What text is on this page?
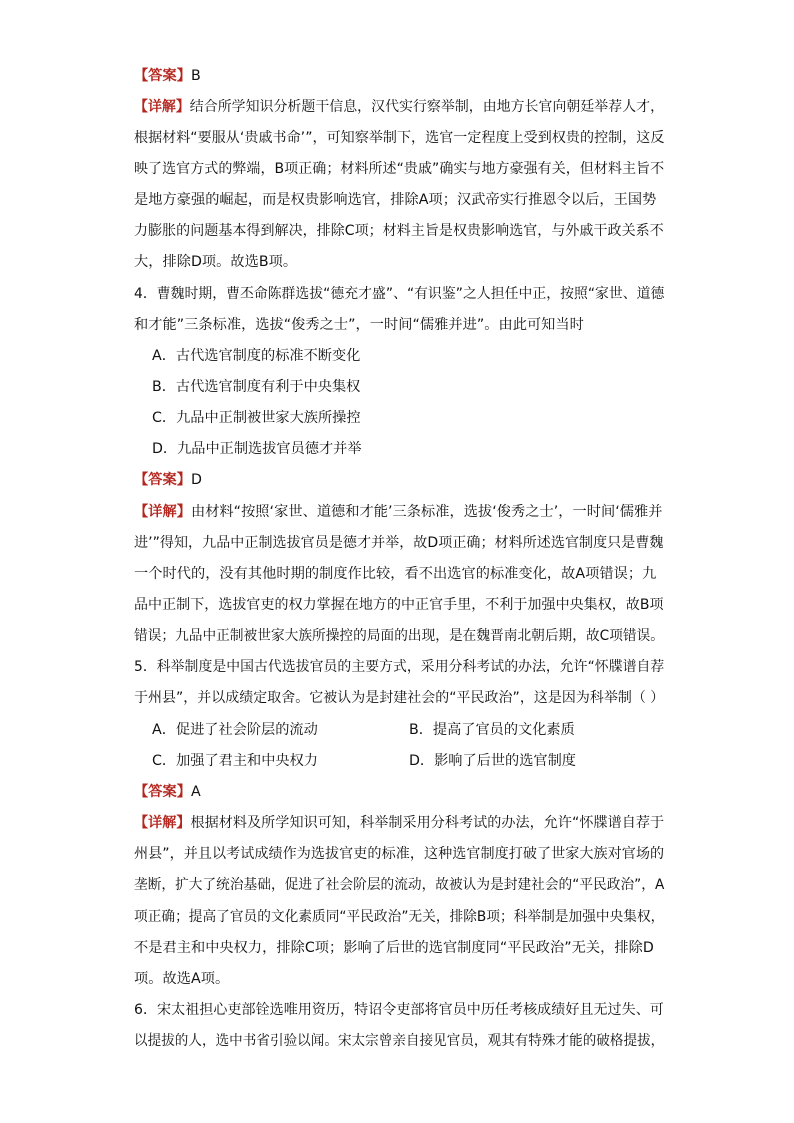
【答案】B
【详解】结合所学知识分析题干信息，汉代实行察举制，由地方长官向朝廷举荐人才，
根据材料“要服从‘贵戚书命’”，可知察举制下，选官一定程度上受到权贵的控制，这反
映了选官方式的弊端，B项正确；材料所述“贵戚”确实与地方豪强有关，但材料主旨不
是地方豪强的崛起，而是权贵影响选官，排除A项；汉武帝实行推恩令以后，王国势
力膨胀的问题基本得到解决，排除C项；材料主旨是权贵影响选官，与外戚干政关系不
大，排除D项。故选B项。
4．曹魏时期，曹丕命陈群选拔“德充才盛”、“有识鉴”之人担任中正，按照“家世、道德
和才能”三条标准，选拔“俊秀之士”，一时间“儒雅并进”。由此可知当时
A．古代选官制度的标准不断变化
B．古代选官制度有利于中央集权
C．九品中正制被世家大族所操控
D．九品中正制选拔官员德才并举
【答案】D
【详解】由材料“按照‘家世、道德和才能’三条标准，选拔‘俊秀之士’，一时间‘儒雅并
进’”得知，九品中正制选拔官员是德才并举，故D项正确；材料所述选官制度只是曹魏
一个时代的，没有其他时期的制度作比较，看不出选官的标准变化，故A项错误；九
品中正制下，选拔官吏的权力掌握在地方的中正官手里，不利于加强中央集权，故B项
错误；九品中正制被世家大族所操控的局面的出现，是在魏晋南北朝后期，故C项错误。
5．科举制度是中国古代选拔官员的主要方式，采用分科考试的办法，允许“怀牒谱自荐
于州县”，并以成绩定取舍。它被认为是封建社会的“平民政治”，这是因为科举制（ ）
A．促进了社会阶层的流动	B．提高了官员的文化素质
C．加强了君主和中央权力	D．影响了后世的选官制度
【答案】A
【详解】根据材料及所学知识可知，科举制采用分科考试的办法，允许“怀牒谱自荐于
州县”，并且以考试成绩作为选拔官吏的标准，这种选官制度打破了世家大族对官场的
垄断，扩大了统治基础，促进了社会阶层的流动，故被认为是封建社会的“平民政治”，A
项正确；提高了官员的文化素质同“平民政治”无关，排除B项；科举制是加强中央集权，
不是君主和中央权力，排除C项；影响了后世的选官制度同“平民政治”无关，排除D
项。故选A项。
6．宋太祖担心吏部铨选唯用资历，特诏令吏部将官员中历任考核成绩好且无过失、可
以提拔的人，选中书省引验以闻。宋太宗曾亲自接见官员，观其有特殊才能的破格提拔，
